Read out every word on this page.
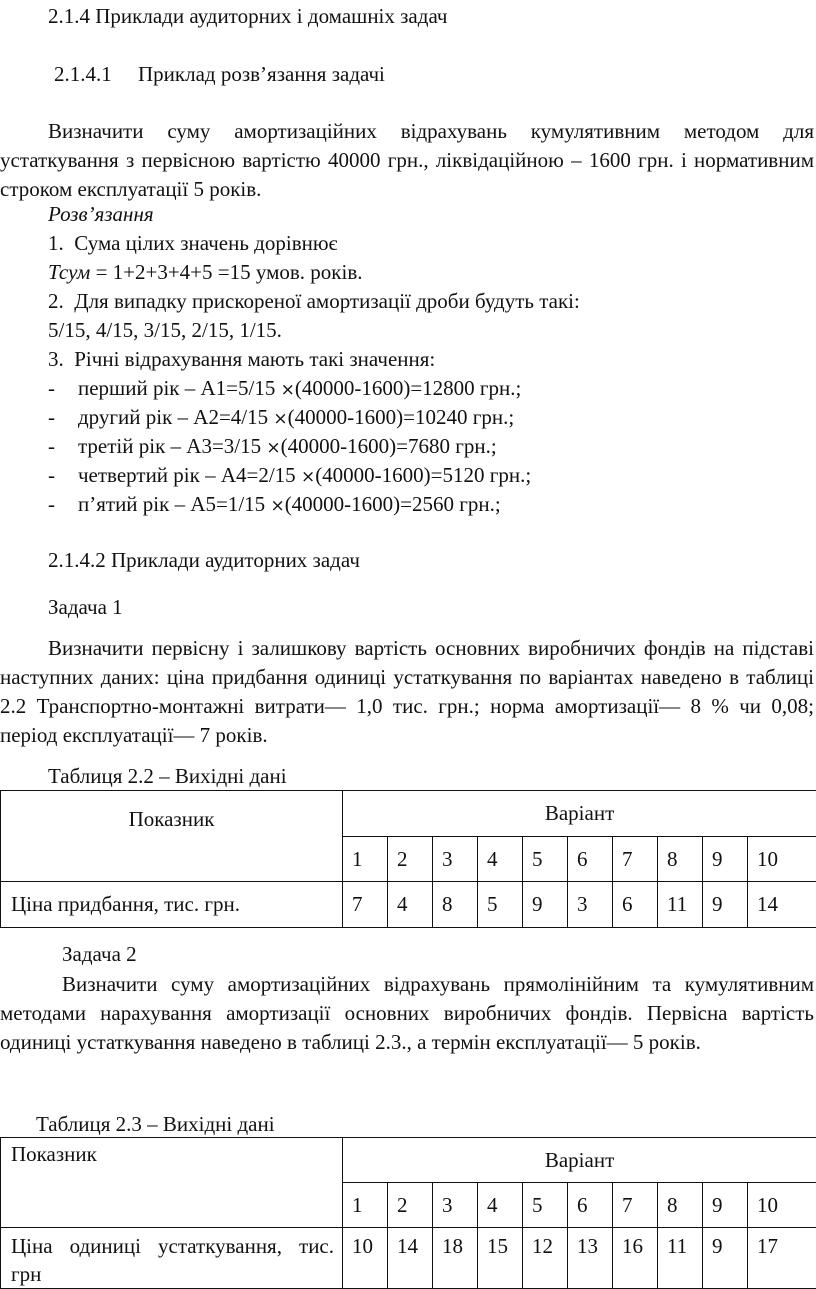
2.1.4 Приклади аудиторних і домашніх задач
2.1.4.1     Приклад розв’язання задачі
Визначити суму амортизаційних відрахувань кумулятивним методом для устаткування з первісною вартістю 40000 грн., ліквідаційною – 1600 грн. і нормативним строком експлуатації 5 років.
Розв’язання
1.  Сума цілих значень дорівнює
Тсум = 1+2+3+4+5 =15 умов. років.
2.  Для випадку прискореної амортизації дроби будуть такі:
5/15, 4/15, 3/15, 2/15, 1/15.
3.  Річні відрахування мають такі значення:
- перший рік – А1=5/15 ×(40000-1600)=12800 грн.;
- другий рік – А2=4/15 ×(40000-1600)=10240 грн.;
- третій рік – А3=3/15 ×(40000-1600)=7680 грн.;
- четвертий рік – А4=2/15 ×(40000-1600)=5120 грн.;
- п’ятий рік – А5=1/15 ×(40000-1600)=2560 грн.;
2.1.4.2 Приклади аудиторних задач
Задача 1
Визначити первісну і залишкову вартість основних виробничих фондів на підставі наступних даних: ціна придбання одиниці устаткування по варіантах наведено в таблиці 2.2 Транспортно-монтажні витрати— 1,0 тис. грн.; норма амортизації— 8 % чи 0,08; період експлуатації— 7 років.
Таблиця 2.2 – Вихідні дані
Показник	Варіант									
	1	2	3	4	5	6	7	8	9	10
Ціна придбання, тис. грн.	7	4	8	5	9	3	6	11	9	14
Задача 2
Визначити суму амортизаційних відрахувань прямолінійним та кумулятивним методами нарахування амортизації основних виробничих фондів. Первісна вартість одиниці устаткування наведено в таблиці 2.3., а термін експлуатації— 5 років.
Таблиця 2.3 – Вихідні дані
Показник	Варіант									
	1	2	3	4	5	6	7	8	9	10
Ціна одиниці устаткування, тис. грн	10	14	18	15	12	13	16	11	9	17
